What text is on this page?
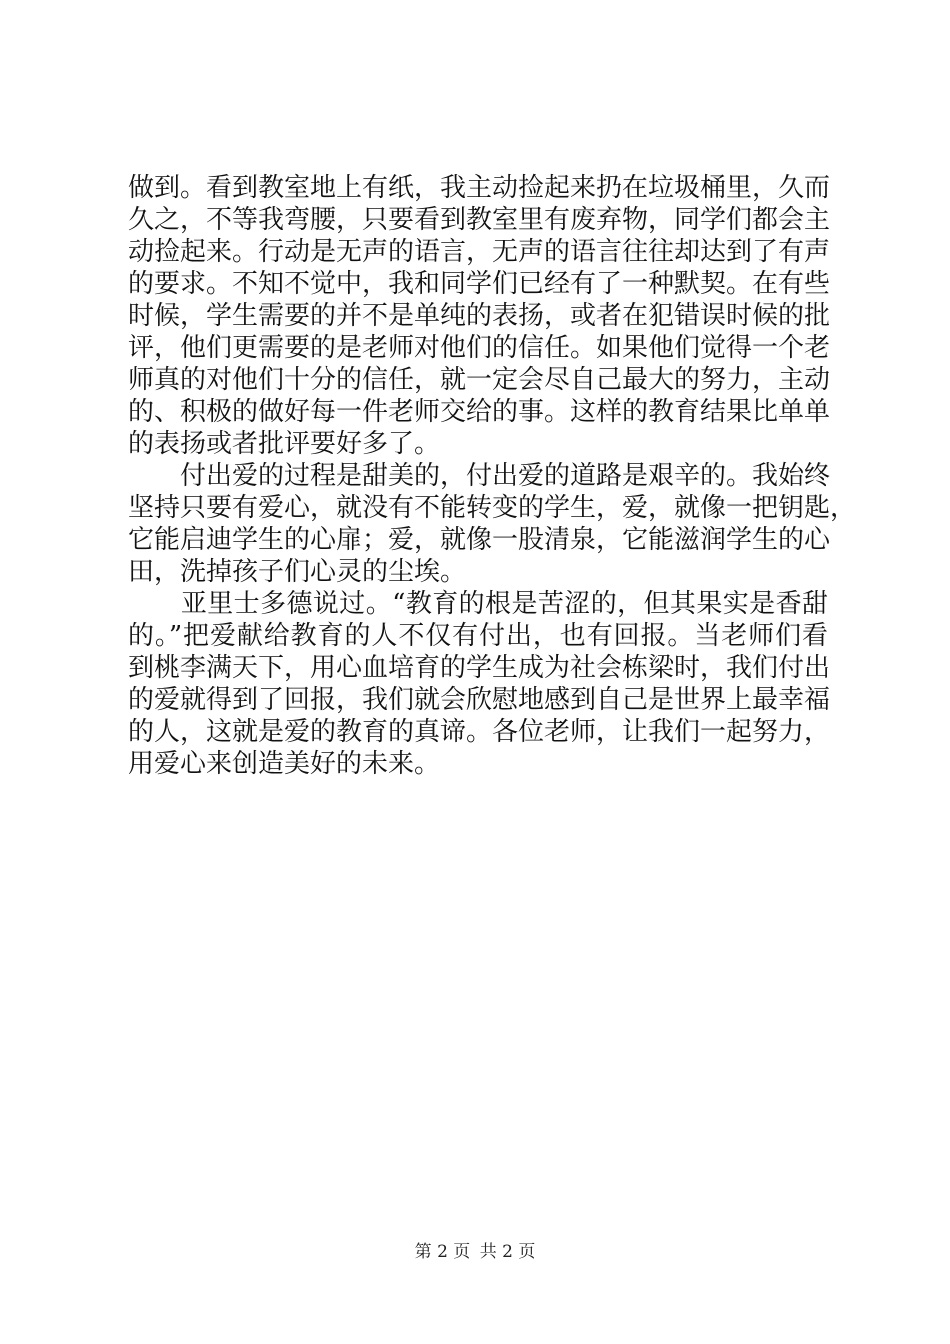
做到。看到教室地上有纸，我主动捡起来扔在垃圾桶里，久而
久之，不等我弯腰，只要看到教室里有废弃物，同学们都会主
动捡起来。行动是无声的语言，无声的语言往往却达到了有声
的要求。不知不觉中，我和同学们已经有了一种默契。在有些
时候，学生需要的并不是单纯的表扬，或者在犯错误时候的批
评，他们更需要的是老师对他们的信任。如果他们觉得一个老
师真的对他们十分的信任，就一定会尽自己最大的努力，主动
的、积极的做好每一件老师交给的事。这样的教育结果比单单
的表扬或者批评要好多了。
　　付出爱的过程是甜美的，付出爱的道路是艰辛的。我始终
坚持只要有爱心，就没有不能转变的学生，爱，就像一把钥匙，
它能启迪学生的心扉；爱，就像一股清泉，它能滋润学生的心
田，洗掉孩子们心灵的尘埃。
　　亚里士多德说过。“教育的根是苦涩的，但其果实是香甜
的。”把爱献给教育的人不仅有付出，也有回报。当老师们看
到桃李满天下，用心血培育的学生成为社会栋梁时，我们付出
的爱就得到了回报，我们就会欣慰地感到自己是世界上最幸福
的人，这就是爱的教育的真谛。各位老师，让我们一起努力，
用爱心来创造美好的未来。
第 2 页 共 2 页
